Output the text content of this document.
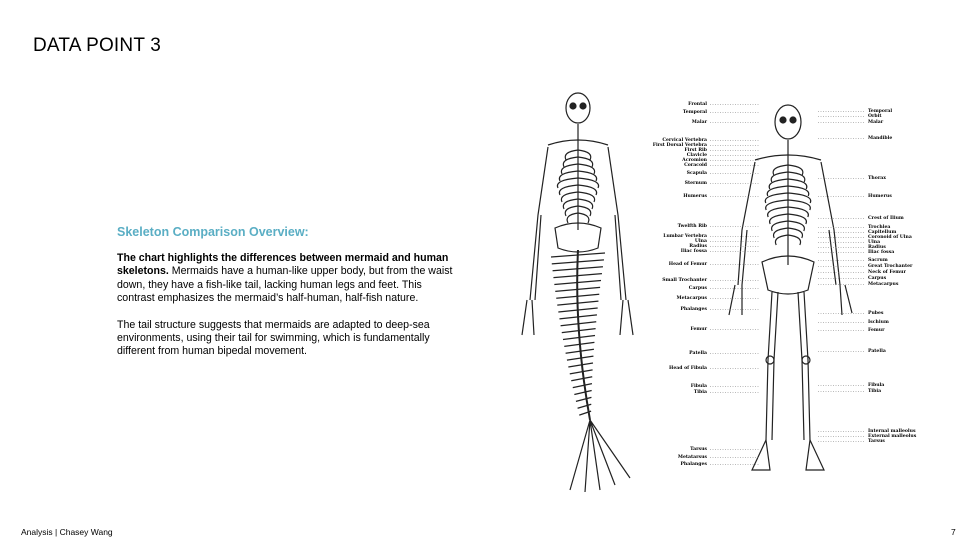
DATA POINT 3
Skeleton Comparison Overview:

The chart highlights the differences between mermaid and human skeletons. Mermaids have a human-like upper body, but from the waist down, they have a fish-like tail, lacking human legs and feet. This contrast emphasizes the mermaid’s half-human, half-fish nature.

The tail structure suggests that mermaids are adapted to deep-sea environments, using their tail for swimming, which is fundamentally different from human bipedal movement.

Frontal
Temporal
Malar
Cervical Vertebra
First Dorsal Vertebra
First Rib
Clavicle
Acromion
Coracoid
Scapula
Sternum
Humerus
Twelfth Rib
Lumbar Vertebra
Ulna
Radius
Iliac fossa
Head of Femur
Small Trochanter
Carpus
Metacarpus
Phalanges
Femur
Patella
Head of Fibula
Fibula
Tibia
Tarsus
Metatarsus
Phalanges
Temporal
Orbit
Malar
Mandible
Thorax
Humerus
Crest of Ilium
Trochlea
Capitellum
Coronoid of Ulna
Ulna
Radius
Iliac fossa
Sacrum
Great Trochanter
Neck of Femur
Carpus
Metacarpus
Pubes
Ischium
Femur
Patella
Fibula
Tibia
Internal malleolus
External malleolus
Tarsus
Analysis | Chasey Wang	7
